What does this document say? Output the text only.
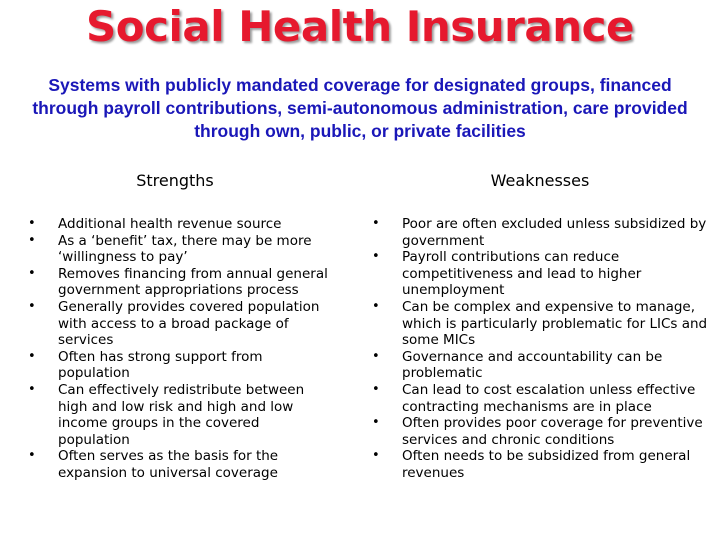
Social Health Insurance
Systems with publicly mandated coverage for designated groups, financed through payroll contributions, semi-autonomous administration, care provided through own, public, or private facilities
Strengths	Weaknesses
• Additional health revenue source
• As a ‘benefit’ tax, there may be more ‘willingness to pay’
• Removes financing from annual general government appropriations process
• Generally provides covered population with access to a broad package of services
• Often has strong support from population
• Can effectively redistribute between high and low risk and high and low income groups in the covered population
• Often serves as the basis for the expansion to universal coverage
• Poor are often excluded unless subsidized by government
• Payroll contributions can reduce competitiveness and lead to higher unemployment
• Can be complex and expensive to manage, which is particularly problematic for LICs and some MICs
• Governance and accountability can be problematic
• Can lead to cost escalation unless effective contracting mechanisms are in place
• Often provides poor coverage for preventive services and chronic conditions
• Often needs to be subsidized from general revenues
